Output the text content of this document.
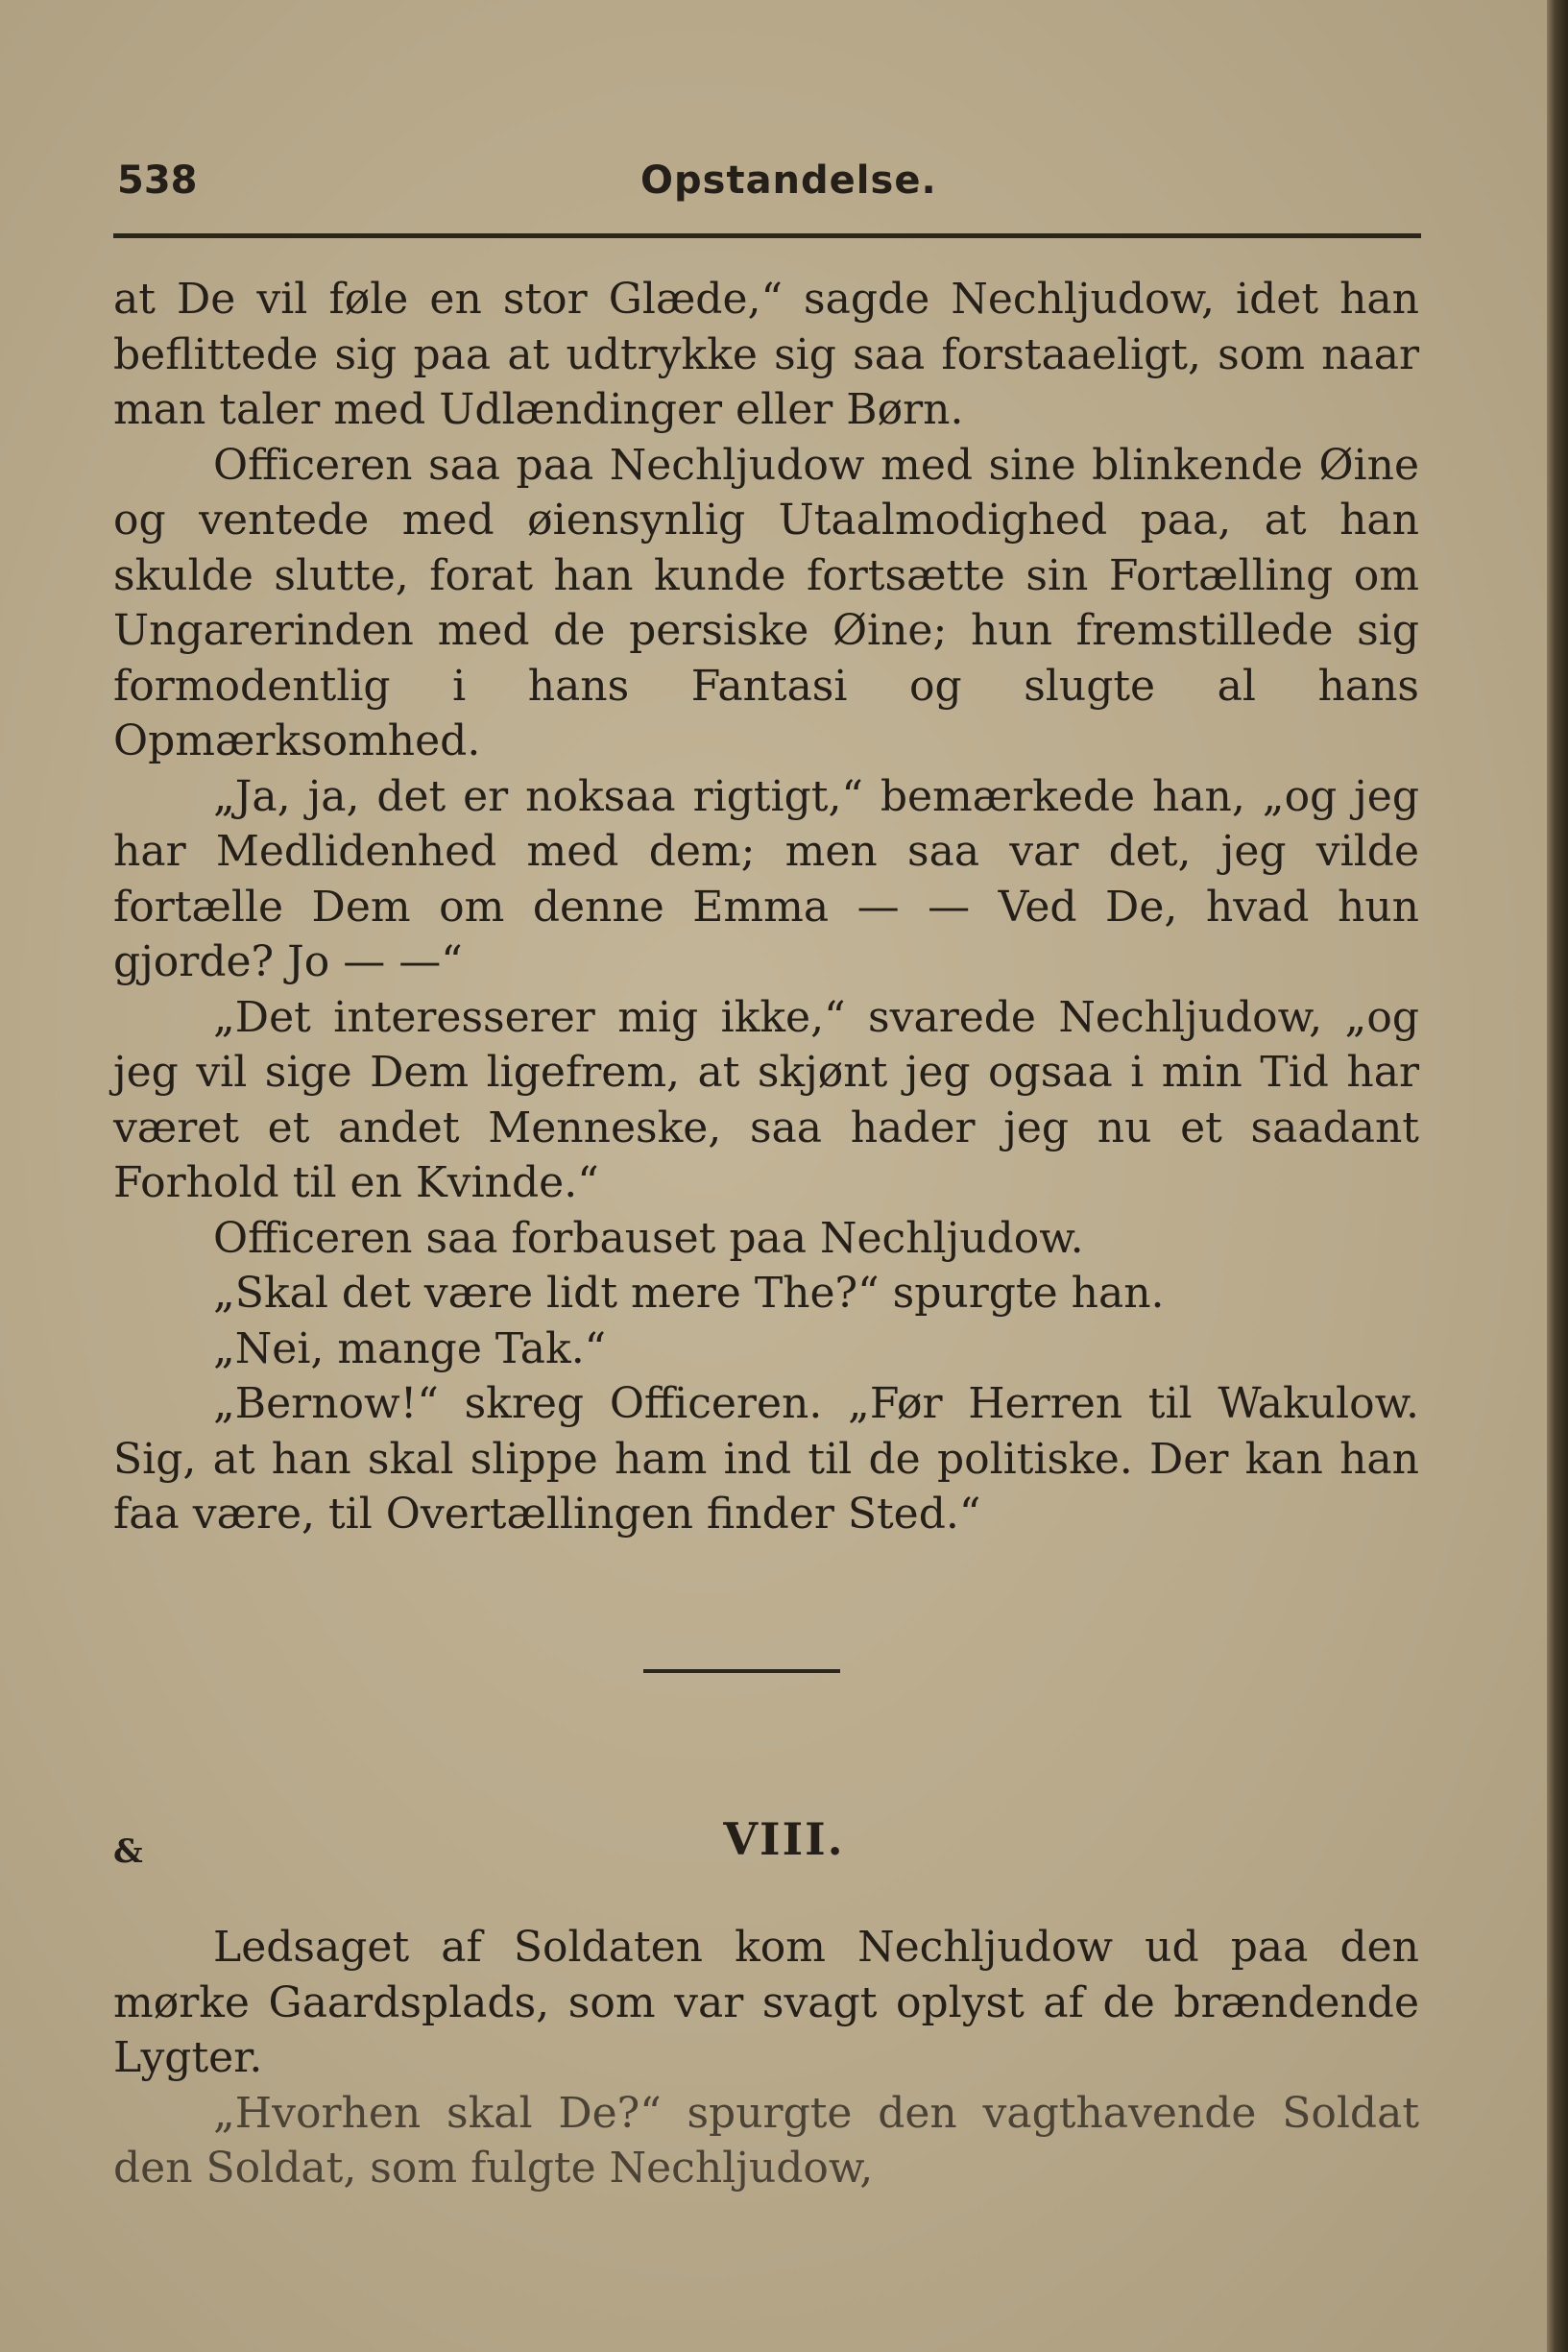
538	Opstandelse.

at De vil føle en stor Glæde,“ sagde Nechljudow, idet han beflittede sig paa at udtrykke sig saa forstaaeligt, som naar man taler med Udlændinger eller Børn.

Officeren saa paa Nechljudow med sine blinkende Øine og ventede med øiensynlig Utaalmodighed paa, at han skulde slutte, forat han kunde fortsætte sin Fortælling om Ungarerinden med de persiske Øine; hun fremstillede sig formodentlig i hans Fantasi og slugte al hans Opmærksomhed.

„Ja, ja, det er noksaa rigtigt,“ bemærkede han, „og jeg har Medlidenhed med dem; men saa var det, jeg vilde fortælle Dem om denne Emma — — Ved De, hvad hun gjorde? Jo — —“

„Det interesserer mig ikke,“ svarede Nechljudow, „og jeg vil sige Dem ligefrem, at skjønt jeg ogsaa i min Tid har været et andet Menneske, saa hader jeg nu et saadant Forhold til en Kvinde.“

Officeren saa forbauset paa Nechljudow.

„Skal det være lidt mere The?“ spurgte han.

„Nei, mange Tak.“

„Bernow!“ skreg Officeren. „Før Herren til Wakulow. Sig, at han skal slippe ham ind til de politiske. Der kan han faa være, til Overtællingen finder Sted.“

&	VIII.

Ledsaget af Soldaten kom Nechljudow ud paa den mørke Gaardsplads, som var svagt oplyst af de brændende Lygter.

„Hvorhen skal De?“ spurgte den vagthavende Soldat den Soldat, som fulgte Nechljudow,
